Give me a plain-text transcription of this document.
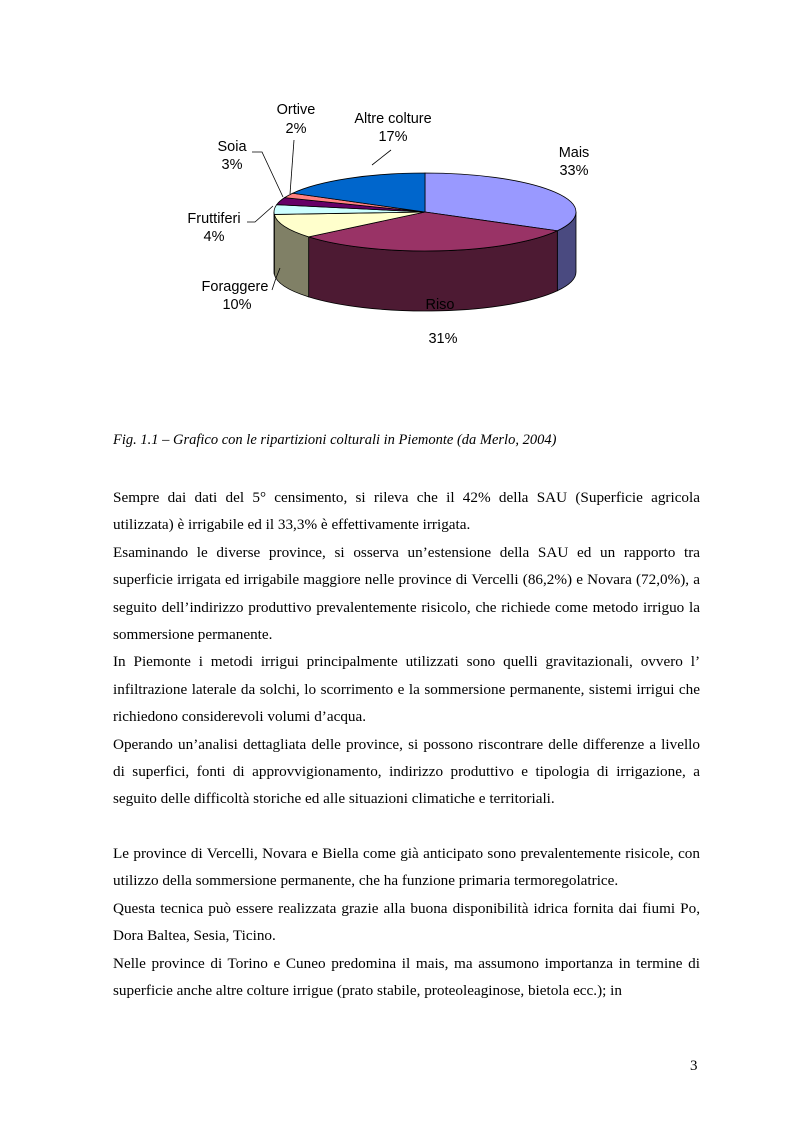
Mais
33%
Riso
31%
Foraggere
10%
Fruttiferi
4%
Soia
3%
Ortive
2%
Altre colture
17%
Fig. 1.1 – Grafico con le ripartizioni colturali in Piemonte (da Merlo, 2004)

Sempre dai dati del 5° censimento, si rileva che il 42% della SAU (Superficie agricola utilizzata) è irrigabile ed il 33,3% è effettivamente irrigata.

Esaminando le diverse province, si osserva un’estensione della SAU ed un rapporto tra superficie irrigata ed irrigabile maggiore nelle province di Vercelli (86,2%) e Novara (72,0%), a seguito dell’indirizzo produttivo prevalentemente risicolo, che richiede come metodo irriguo la sommersione permanente.

In Piemonte i metodi irrigui principalmente utilizzati sono quelli gravitazionali, ovvero l’ infiltrazione laterale da solchi, lo scorrimento e la sommersione permanente, sistemi irrigui che richiedono considerevoli volumi d’acqua.

Operando un’analisi dettagliata delle province, si possono riscontrare delle differenze a livello di superfici, fonti di approvvigionamento, indirizzo produttivo e tipologia di irrigazione, a seguito delle difficoltà storiche ed alle situazioni climatiche e territoriali.

Le province di Vercelli, Novara e Biella come già anticipato sono prevalentemente risicole, con utilizzo della sommersione permanente, che ha funzione primaria termoregolatrice.

Questa tecnica può essere realizzata grazie alla buona disponibilità idrica fornita dai fiumi Po, Dora Baltea, Sesia, Ticino.

Nelle province di Torino e Cuneo predomina il mais, ma assumono importanza in termine di superficie anche altre colture irrigue (prato stabile, proteoleaginose, bietola ecc.); in

3
